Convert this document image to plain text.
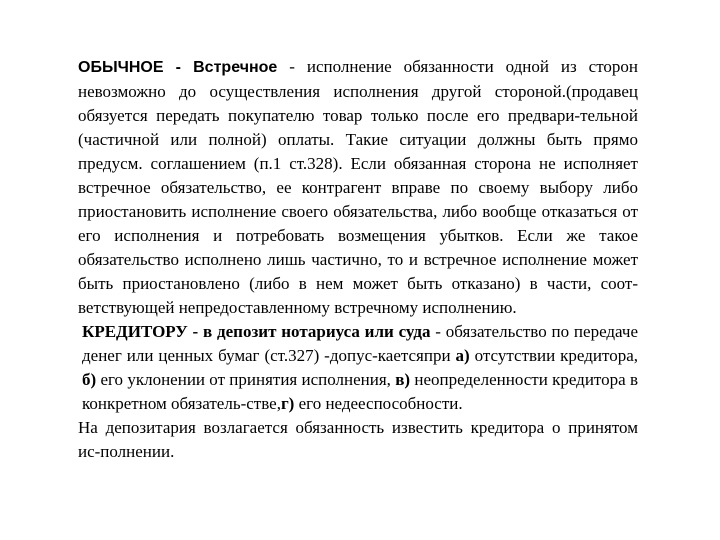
ОБЫЧНОЕ - Встречное - исполнение обязанности одной из сторон невозможно до осуществления исполнения другой стороной.(продавец обязуется передать покупателю товар только после его предвари-тельной (частичной или полной) оплаты. Такие ситуации должны быть прямо предусм. соглашением (п.1 ст.328). Если обязанная сторона не исполняет встречное обязательство, ее контрагент вправе по своему выбору либо приостановить исполнение своего обязательства, либо вообще отказаться от его исполнения и потребовать возмещения убытков. Если же такое обязательство исполнено лишь частично, то и встречное исполнение может быть приостановлено (либо в нем может быть отказано) в части, соот-ветствующей непредоставленному встречному исполнению.

КРЕДИТОРУ - в депозит нотариуса или суда - обязательство по передаче денег или ценных бумаг (ст.327) -допус-каетсяпри а) отсутствии кредитора, б) его уклонении от принятия исполнения, в) неопределенности кредитора в конкретном обязатель-стве,г) его недееспособности.

На депозитария возлагается обязанность известить кредитора о принятом ис-полнении.
